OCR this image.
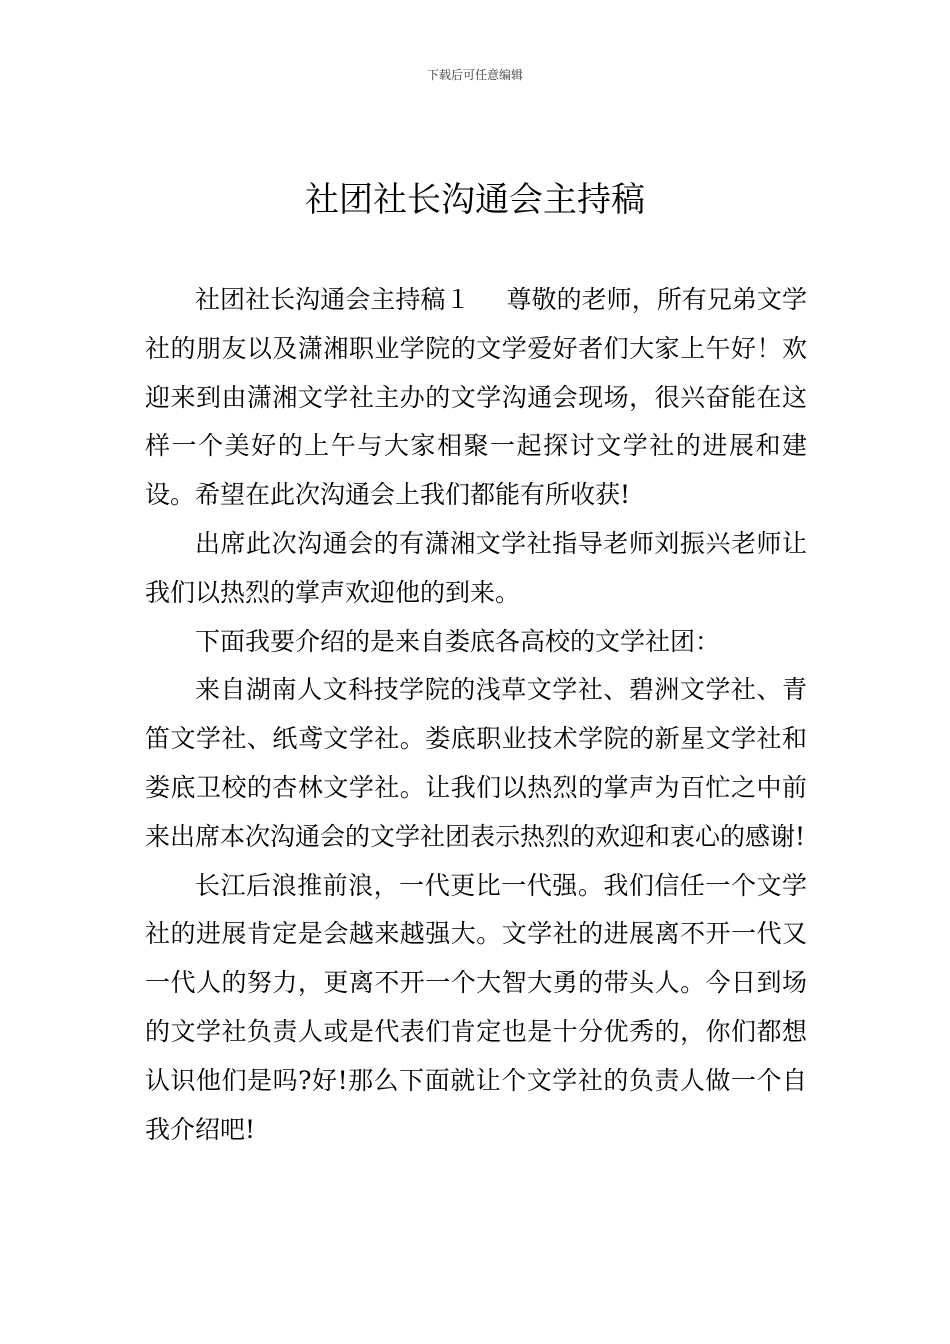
下载后可任意编辑
社团社长沟通会主持稿

社团社长沟通会主持稿１ 尊敬的老师，所有兄弟文学社的朋友以及潇湘职业学院的文学爱好者们大家上午好！欢迎来到由潇湘文学社主办的文学沟通会现场，很兴奋能在这样一个美好的上午与大家相聚一起探讨文学社的进展和建设。希望在此次沟通会上我们都能有所收获!

出席此次沟通会的有潇湘文学社指导老师刘振兴老师让我们以热烈的掌声欢迎他的到来。

下面我要介绍的是来自娄底各高校的文学社团：

来自湖南人文科技学院的浅草文学社、碧洲文学社、青笛文学社、纸鸢文学社。娄底职业技术学院的新星文学社和娄底卫校的杏林文学社。让我们以热烈的掌声为百忙之中前来出席本次沟通会的文学社团表示热烈的欢迎和衷心的感谢!

长江后浪推前浪，一代更比一代强。我们信任一个文学社的进展肯定是会越来越强大。文学社的进展离不开一代又一代人的努力，更离不开一个大智大勇的带头人。今日到场的文学社负责人或是代表们肯定也是十分优秀的，你们都想认识他们是吗?好!那么下面就让个文学社的负责人做一个自我介绍吧!
